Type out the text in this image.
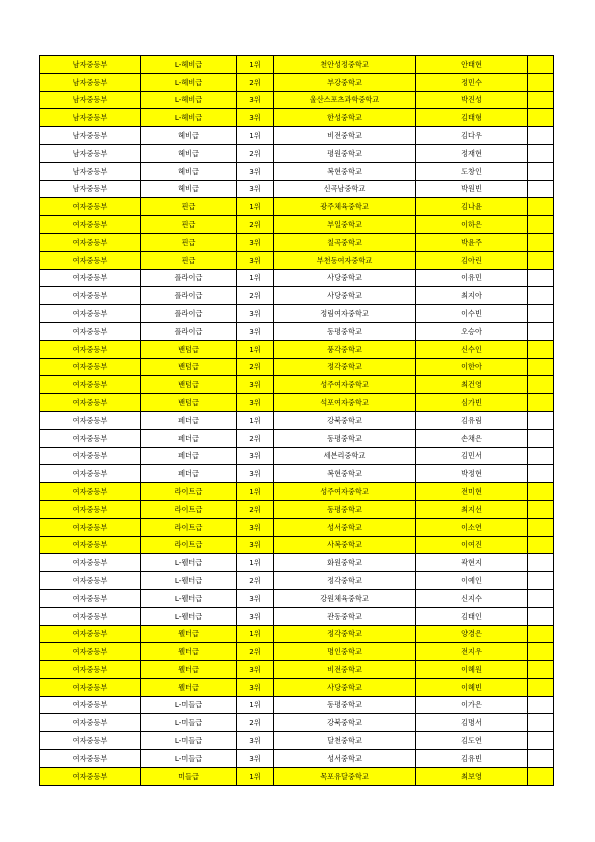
남자중등부	L-헤비급	1위	천안성정중학교	안태현	
남자중등부	L-헤비급	2위	부강중학교	정민수	
남자중등부	L-헤비급	3위	울산스포츠과학중학교	박진성	
남자중등부	L-헤비급	3위	한성중학교	김태형	
남자중등부	헤비급	1위	비전중학교	김다우	
남자중등부	헤비급	2위	평원중학교	정재현	
남자중등부	헤비급	3위	복현중학교	도창인	
남자중등부	헤비급	3위	신곡남중학교	박원빈	
여자중등부	핀급	1위	광주체육중학교	김나윤	
여자중등부	핀급	2위	부일중학교	이하은	
여자중등부	핀급	3위	칠곡중학교	박윤주	
여자중등부	핀급	3위	부천동여자중학교	김아린	
여자중등부	플라이급	1위	사당중학교	이유민	
여자중등부	플라이급	2위	사당중학교	최지아	
여자중등부	플라이급	3위	정림여자중학교	이수빈	
여자중등부	플라이급	3위	동평중학교	오승아	
여자중등부	밴텀급	1위	풍각중학교	신수인	
여자중등부	밴텀급	2위	정각중학교	이한아	
여자중등부	밴텀급	3위	성주여자중학교	최건영	
여자중등부	밴텀급	3위	석포여자중학교	심가빈	
여자중등부	페더급	1위	강북중학교	김유림	
여자중등부	페더급	2위	동평중학교	손채은	
여자중등부	페더급	3위	세븐리중학교	김민서	
여자중등부	페더급	3위	복현중학교	박정현	
여자중등부	라이트급	1위	성주여자중학교	전미현	
여자중등부	라이트급	2위	동평중학교	최지선	
여자중등부	라이트급	3위	성서중학교	이소연	
여자중등부	라이트급	3위	사복중학교	이여진	
여자중등부	L-웰터급	1위	화원중학교	곽현지	
여자중등부	L-웰터급	2위	정각중학교	이예인	
여자중등부	L-웰터급	3위	강원체육중학교	신지수	
여자중등부	L-웰터급	3위	관동중학교	김태인	
여자중등부	웰터급	1위	정각중학교	양경은	
여자중등부	웰터급	2위	명인중학교	전지우	
여자중등부	웰터급	3위	비전중학교	이혜원	
여자중등부	웰터급	3위	사당중학교	이혜빈	
여자중등부	L-미들급	1위	동평중학교	이가은	
여자중등부	L-미들급	2위	강북중학교	김명서	
여자중등부	L-미들급	3위	달천중학교	김도연	
여자중등부	L-미들급	3위	성서중학교	김유빈	
여자중등부	미들급	1위	목포유달중학교	최보영	
